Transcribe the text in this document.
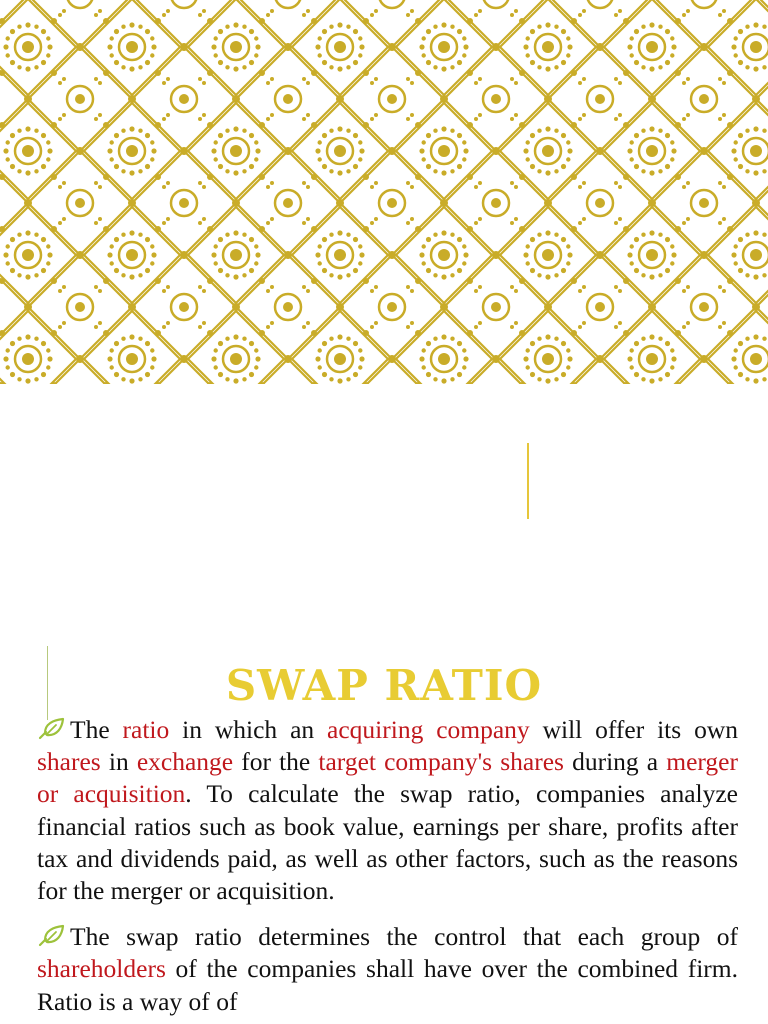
SWAP RATIO

The ratio in which an acquiring company will offer its own shares in exchange for the target company's shares during a merger or acquisition. To calculate the swap ratio, companies analyze financial ratios such as book value, earnings per share, profits after tax and dividends paid, as well as other factors, such as the reasons for the merger or acquisition.

The swap ratio determines the control that each group of shareholders of the companies shall have over the combined firm. Ratio is a way of of
